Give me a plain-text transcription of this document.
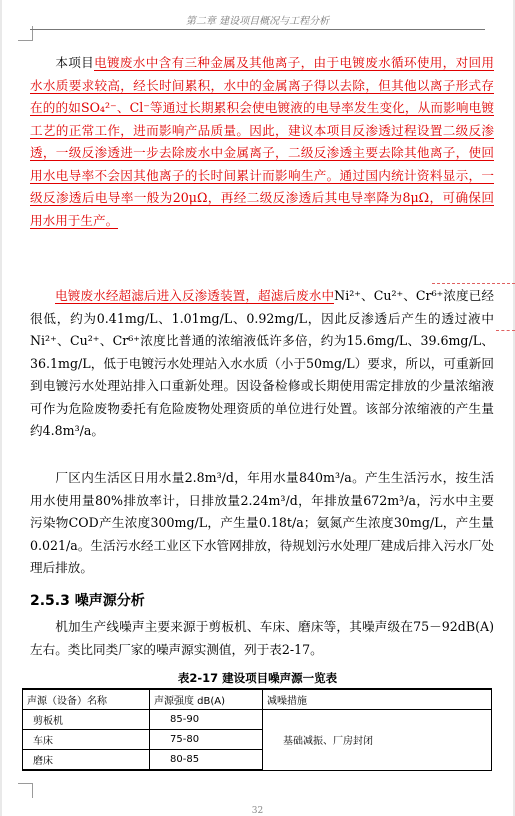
第二章 建设项目概况与工程分析

本项目电镀废水中含有三种金属及其他离子，由于电镀废水循环使用，对回用水水质要求较高，经长时间累积，水中的金属离子得以去除，但其他以离子形式存在的的如SO₄²⁻、Cl⁻等通过长期累积会使电镀液的电导率发生变化，从而影响电镀工艺的正常工作，进而影响产品质量。因此，建议本项目反渗透过程设置二级反渗透，一级反渗透进一步去除废水中金属离子，二级反渗透主要去除其他离子，使回用水电导率不会因其他离子的长时间累计而影响生产。通过国内统计资料显示，一级反渗透后电导率一般为20μΩ，再经二级反渗透后其电导率降为8μΩ，可确保回用水用于生产。

电镀废水经超滤后进入反渗透装置，超滤后废水中Ni²⁺、Cu²⁺、Cr⁶⁺浓度已经很低，约为0.41mg/L、1.01mg/L、0.92mg/L，因此反渗透后产生的透过液中Ni²⁺、Cu²⁺、Cr⁶⁺浓度比普通的浓缩液低许多倍，约为15.6mg/L、39.6mg/L、36.1mg/L，低于电镀污水处理站入水水质（小于50mg/L）要求，所以，可重新回到电镀污水处理站排入口重新处理。因设备检修或长期使用需定排放的少量浓缩液可作为危险废物委托有危险废物处理资质的单位进行处置。该部分浓缩液的产生量约4.8m³/a。

厂区内生活区日用水量2.8m³/d，年用水量840m³/a。产生生活污水，按生活用水使用量80%排放率计，日排放量2.24m³/d，年排放量672m³/a，污水中主要污染物COD产生浓度300mg/L，产生量0.18t/a；氨氮产生浓度30mg/L，产生量0.021/a。生活污水经工业区下水管网排放，待规划污水处理厂建成后排入污水厂处理后排放。

2.5.3 噪声源分析

机加生产线噪声主要来源于剪板机、车床、磨床等，其噪声级在75－92dB(A)左右。类比同类厂家的噪声源实测值，列于表2-17。

表2-17 建设项目噪声源一览表
声源（设备）名称	声源强度 dB(A)	减噪措施
剪板机	85-90	基础减振、厂房封闭
车床	75-80	
磨床	80-85	
32
